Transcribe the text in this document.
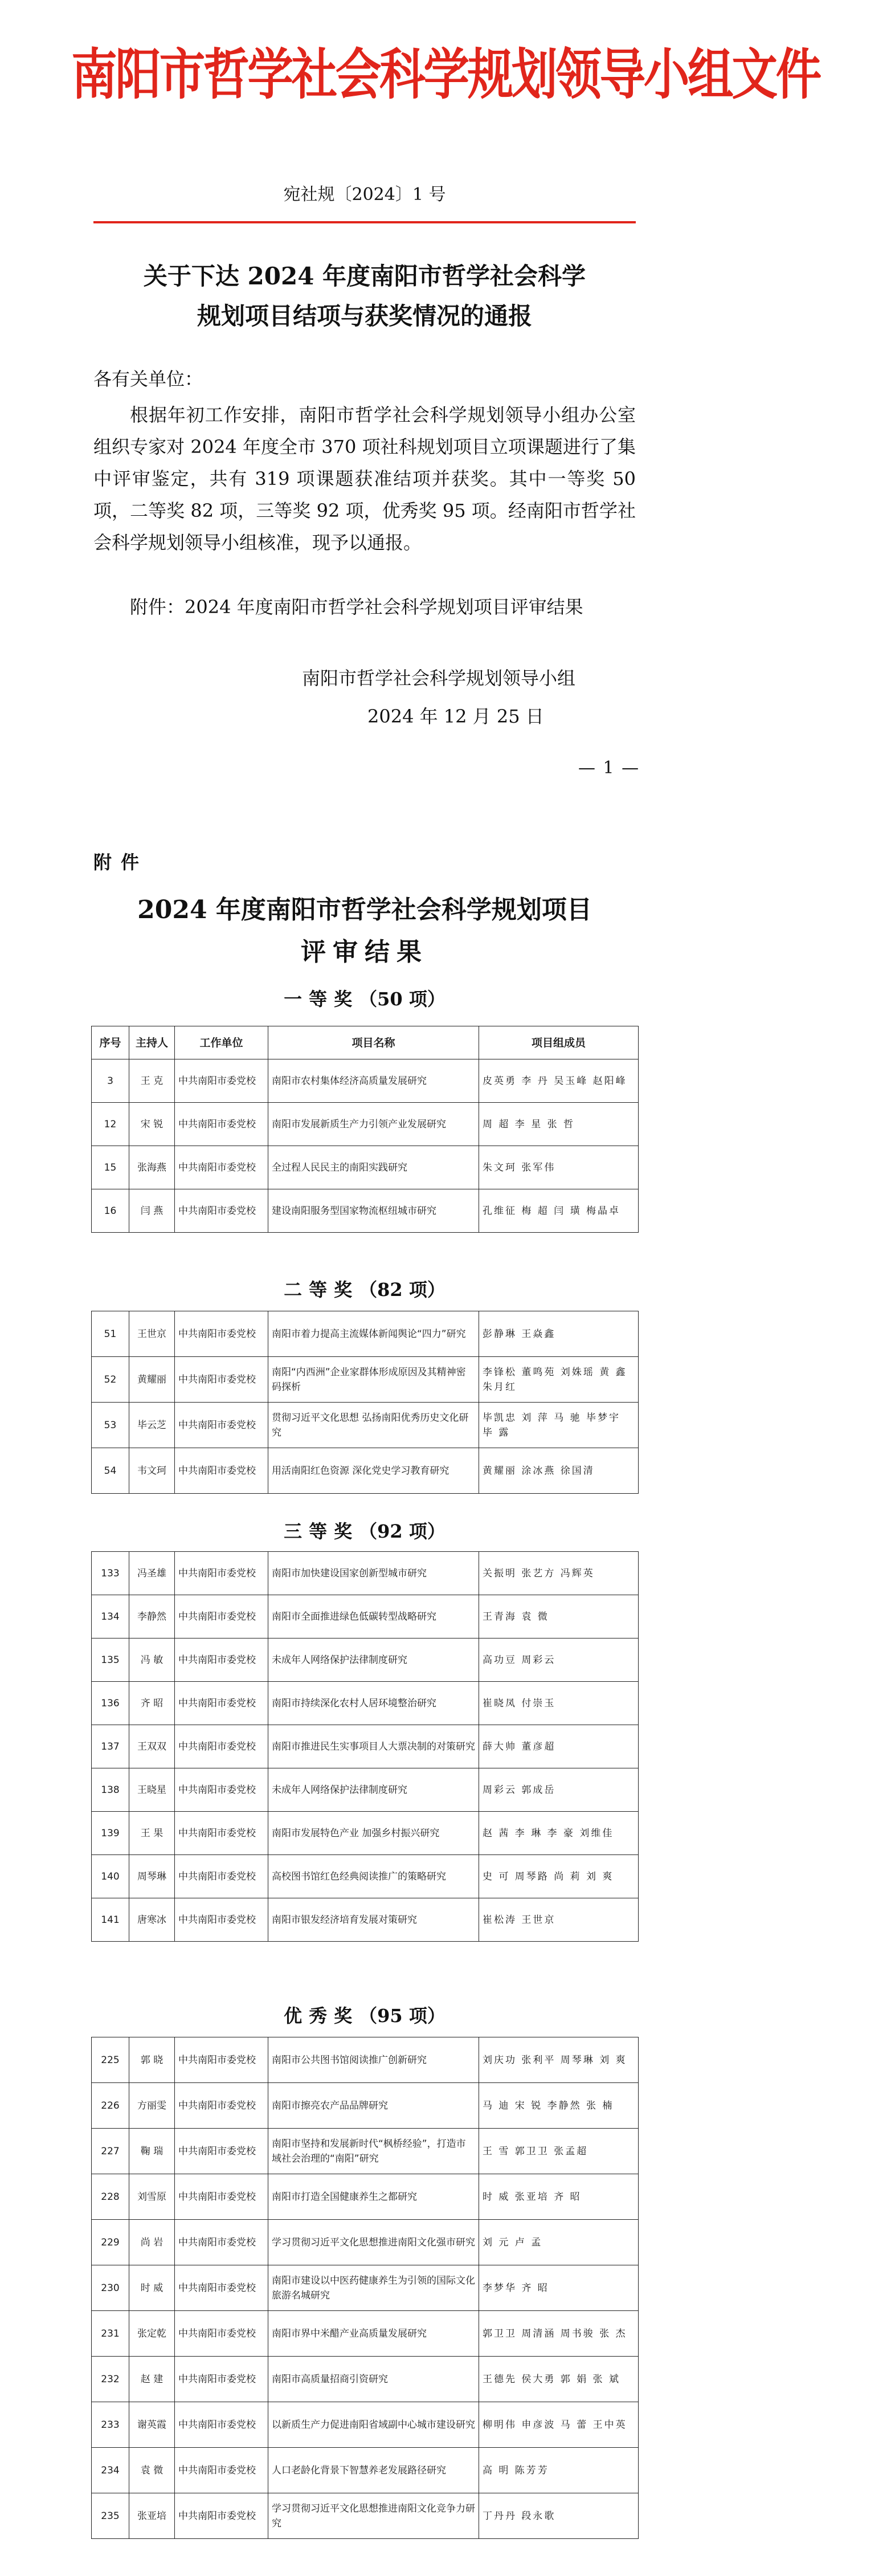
南阳市哲学社会科学规划领导小组文件
宛社规〔2024〕1 号
关于下达 2024 年度南阳市哲学社会科学
规划项目结项与获奖情况的通报
各有关单位：
根据年初工作安排，南阳市哲学社会科学规划领导小组办公室组织专家对 2024 年度全市 370 项社科规划项目立项课题进行了集中评审鉴定，共有 319 项课题获准结项并获奖。其中一等奖 50 项，二等奖 82 项，三等奖 92 项，优秀奖 95 项。经南阳市哲学社会科学规划领导小组核准，现予以通报。
附件：2024 年度南阳市哲学社会科学规划项目评审结果
南阳市哲学社会科学规划领导小组
2024 年 12 月 25 日
— 1 —
附件
2024 年度南阳市哲学社会科学规划项目
评审结果
一等奖（50 项）
序号	主持人	工作单位	项目名称	项目组成员
3	王 克	中共南阳市委党校	南阳市农村集体经济高质量发展研究	皮英勇 李 丹 吴玉峰 赵阳峰
12	宋 锐	中共南阳市委党校	南阳市发展新质生产力引领产业发展研究	周 超 李 星 张 哲
15	张海燕	中共南阳市委党校	全过程人民民主的南阳实践研究	朱文珂 张军伟
16	闫 燕	中共南阳市委党校	建设南阳服务型国家物流枢纽城市研究	孔维征 梅 超 闫 璜 梅晶卓
二等奖（82 项）
51	王世京	中共南阳市委党校	南阳市着力提高主流媒体新闻舆论“四力”研究	彭静琳 王焱鑫
52	黄耀丽	中共南阳市委党校	南阳“内西洲”企业家群体形成原因及其精神密码探析	李锋松 董鸣苑 刘姝瑶 黄 鑫 朱月红
53	毕云芝	中共南阳市委党校	贯彻习近平文化思想 弘扬南阳优秀历史文化研究	毕凯忠 刘 萍 马 驰 毕梦宇 毕 露
54	韦文珂	中共南阳市委党校	用活南阳红色资源 深化党史学习教育研究	黄耀丽 涂冰燕 徐国清
三等奖（92 项）
133	冯圣雄	中共南阳市委党校	南阳市加快建设国家创新型城市研究	关振明 张艺方 冯辉英
134	李静然	中共南阳市委党校	南阳市全面推进绿色低碳转型战略研究	王青海 袁 微
135	冯 敏	中共南阳市委党校	未成年人网络保护法律制度研究	高功豆 周彩云
136	齐 昭	中共南阳市委党校	南阳市持续深化农村人居环境整治研究	崔晓凤 付崇玉
137	王双双	中共南阳市委党校	南阳市推进民生实事项目人大票决制的对策研究	薛大帅 董彦超
138	王晓星	中共南阳市委党校	未成年人网络保护法律制度研究	周彩云 郭成岳
139	王 果	中共南阳市委党校	南阳市发展特色产业 加强乡村振兴研究	赵 茜 李 琳 李 豪 刘维佳
140	周琴琳	中共南阳市委党校	高校图书馆红色经典阅读推广的策略研究	史 可 周琴路 尚 莉 刘 爽
141	唐寒冰	中共南阳市委党校	南阳市银发经济培育发展对策研究	崔松涛 王世京
优秀奖（95 项）
225	郭 晓	中共南阳市委党校	南阳市公共图书馆阅读推广创新研究	刘庆功 张利平 周琴琳 刘 爽
226	方丽雯	中共南阳市委党校	南阳市擦亮农产品品牌研究	马 迪 宋 锐 李静然 张 楠
227	鞠 瑞	中共南阳市委党校	南阳市坚持和发展新时代“枫桥经验”，打造市域社会治理的“南阳”研究	王 雪 郭卫卫 张孟超
228	刘雪原	中共南阳市委党校	南阳市打造全国健康养生之都研究	时 威 张亚培 齐 昭
229	尚 岩	中共南阳市委党校	学习贯彻习近平文化思想推进南阳文化强市研究	刘 元 卢 孟
230	时 威	中共南阳市委党校	南阳市建设以中医药健康养生为引领的国际文化旅游名城研究	李梦华 齐 昭
231	张定乾	中共南阳市委党校	南阳市界中米醋产业高质量发展研究	郭卫卫 周清涵 周书骏 张 杰
232	赵 建	中共南阳市委党校	南阳市高质量招商引资研究	王德先 侯大勇 郭 娟 张 斌
233	谢英霞	中共南阳市委党校	以新质生产力促进南阳省域副中心城市建设研究	柳明伟 申彦波 马 蕾 王中英
234	袁 微	中共南阳市委党校	人口老龄化背景下智慧养老发展路径研究	高 明 陈芳芳
235	张亚培	中共南阳市委党校	学习贯彻习近平文化思想推进南阳文化竞争力研究	丁丹丹 段永歌
